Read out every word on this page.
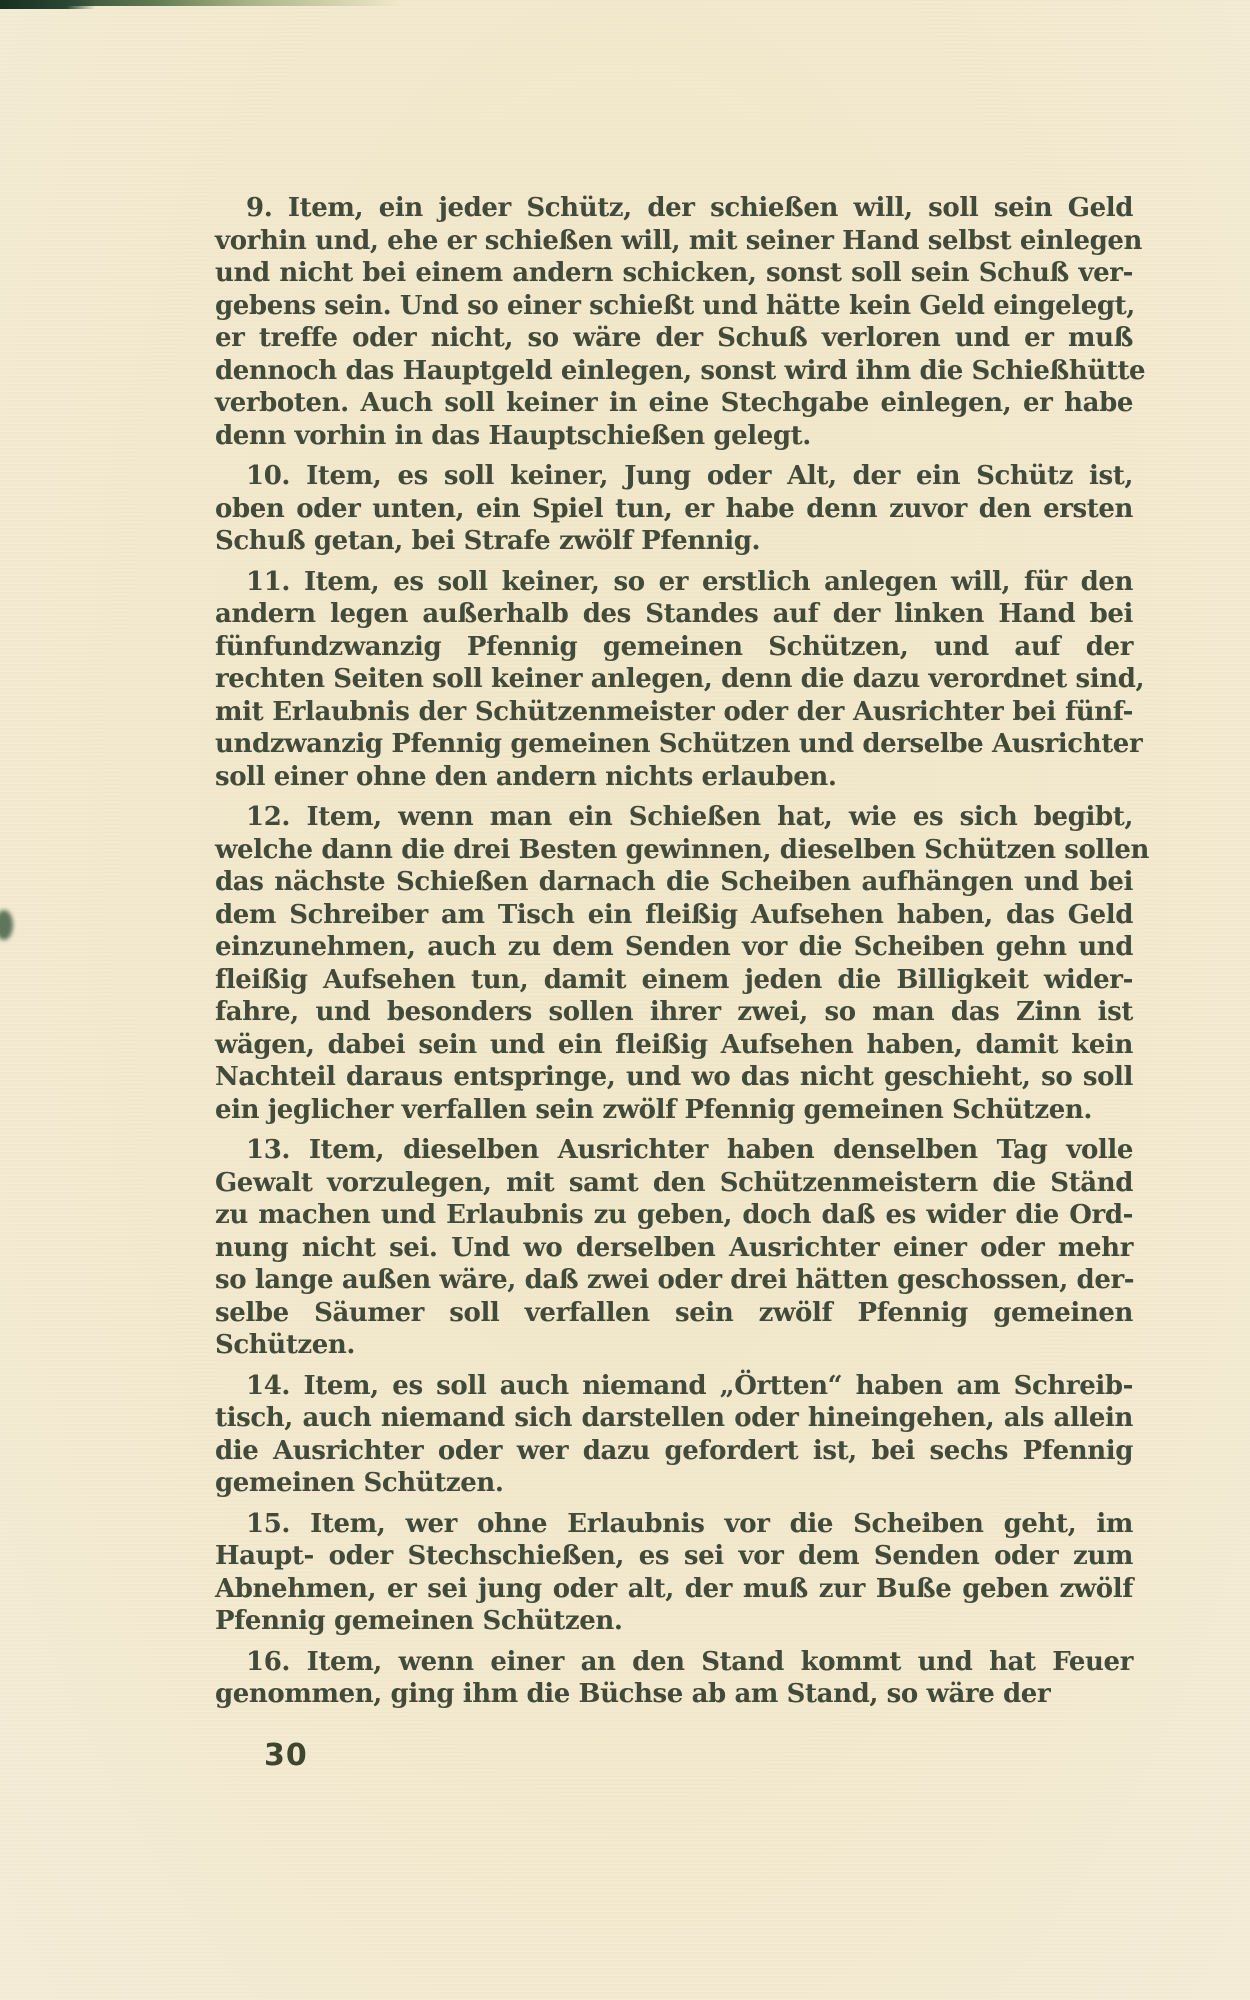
9. Item, ein jeder Schütz, der schießen will, soll sein Geld
vorhin und, ehe er schießen will, mit seiner Hand selbst einlegen
und nicht bei einem andern schicken, sonst soll sein Schuß ver-
gebens sein. Und so einer schießt und hätte kein Geld eingelegt,
er treffe oder nicht, so wäre der Schuß verloren und er muß
dennoch das Hauptgeld einlegen, sonst wird ihm die Schießhütte
verboten. Auch soll keiner in eine Stechgabe einlegen, er habe
denn vorhin in das Hauptschießen gelegt.
10. Item, es soll keiner, Jung oder Alt, der ein Schütz ist,
oben oder unten, ein Spiel tun, er habe denn zuvor den ersten
Schuß getan, bei Strafe zwölf Pfennig.
11. Item, es soll keiner, so er erstlich anlegen will, für den
andern legen außerhalb des Standes auf der linken Hand bei
fünfundzwanzig Pfennig gemeinen Schützen, und auf der
rechten Seiten soll keiner anlegen, denn die dazu verordnet sind,
mit Erlaubnis der Schützenmeister oder der Ausrichter bei fünf-
undzwanzig Pfennig gemeinen Schützen und derselbe Ausrichter
soll einer ohne den andern nichts erlauben.
12. Item, wenn man ein Schießen hat, wie es sich begibt,
welche dann die drei Besten gewinnen, dieselben Schützen sollen
das nächste Schießen darnach die Scheiben aufhängen und bei
dem Schreiber am Tisch ein fleißig Aufsehen haben, das Geld
einzunehmen, auch zu dem Senden vor die Scheiben gehn und
fleißig Aufsehen tun, damit einem jeden die Billigkeit wider-
fahre, und besonders sollen ihrer zwei, so man das Zinn ist
wägen, dabei sein und ein fleißig Aufsehen haben, damit kein
Nachteil daraus entspringe, und wo das nicht geschieht, so soll
ein jeglicher verfallen sein zwölf Pfennig gemeinen Schützen.
13. Item, dieselben Ausrichter haben denselben Tag volle
Gewalt vorzulegen, mit samt den Schützenmeistern die Ständ
zu machen und Erlaubnis zu geben, doch daß es wider die Ord-
nung nicht sei. Und wo derselben Ausrichter einer oder mehr
so lange außen wäre, daß zwei oder drei hätten geschossen, der-
selbe Säumer soll verfallen sein zwölf Pfennig gemeinen
Schützen.
14. Item, es soll auch niemand „Örtten“ haben am Schreib-
tisch, auch niemand sich darstellen oder hineingehen, als allein
die Ausrichter oder wer dazu gefordert ist, bei sechs Pfennig
gemeinen Schützen.
15. Item, wer ohne Erlaubnis vor die Scheiben geht, im
Haupt- oder Stechschießen, es sei vor dem Senden oder zum
Abnehmen, er sei jung oder alt, der muß zur Buße geben zwölf
Pfennig gemeinen Schützen.
16. Item, wenn einer an den Stand kommt und hat Feuer
genommen, ging ihm die Büchse ab am Stand, so wäre der
30
